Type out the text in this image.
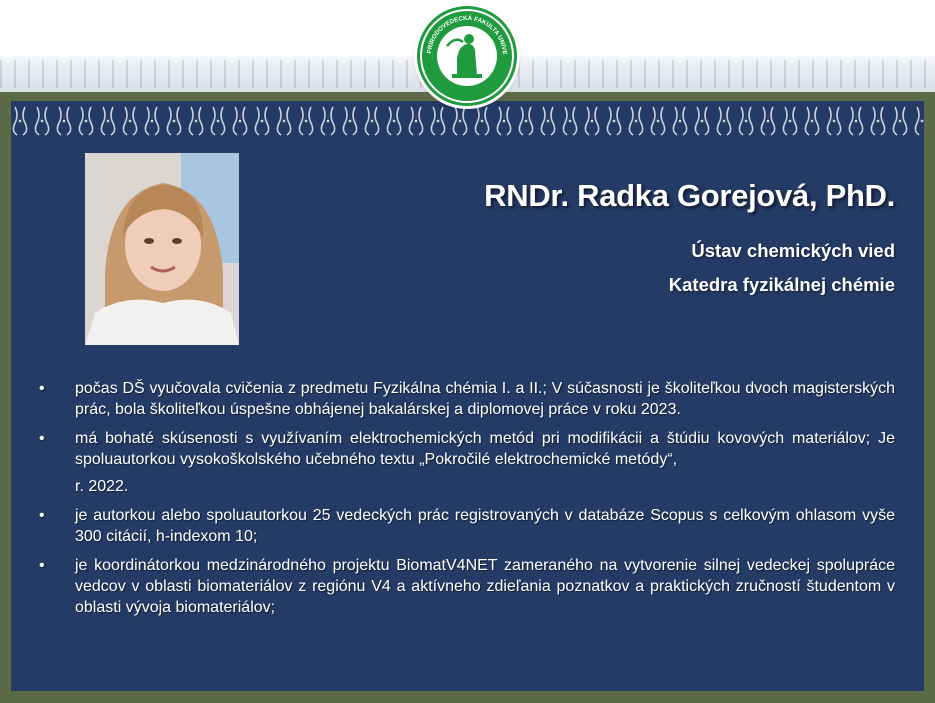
PRÍRODOVEDECKÁ FAKULTA UNIVE
RNDr. Radka Gorejová, PhD.
Ústav chemických vied
Katedra fyzikálnej chémie
• počas DŠ vyučovala cvičenia z predmetu Fyzikálna chémia I. a II.; V súčasnosti je školiteľkou dvoch magisterských prác, bola školiteľkou úspešne obhájenej bakalárskej a diplomovej práce v roku 2023.
• má bohaté skúsenosti s využívaním elektrochemických metód pri modifikácii a štúdiu kovových materiálov; Je spoluautorkou vysokoškolského učebného textu „Pokročilé elektrochemické metódy“,
r. 2022.
• je autorkou alebo spoluautorkou 25 vedeckých prác registrovaných v databáze Scopus s celkovým ohlasom vyše 300 citácií, h-indexom 10;
• je koordinátorkou medzinárodného projektu BiomatV4NET zameraného na vytvorenie silnej vedeckej spolupráce vedcov v oblasti biomateriálov z regiónu V4 a aktívneho zdieľania poznatkov a praktických zručností študentom v oblasti vývoja biomateriálov;
